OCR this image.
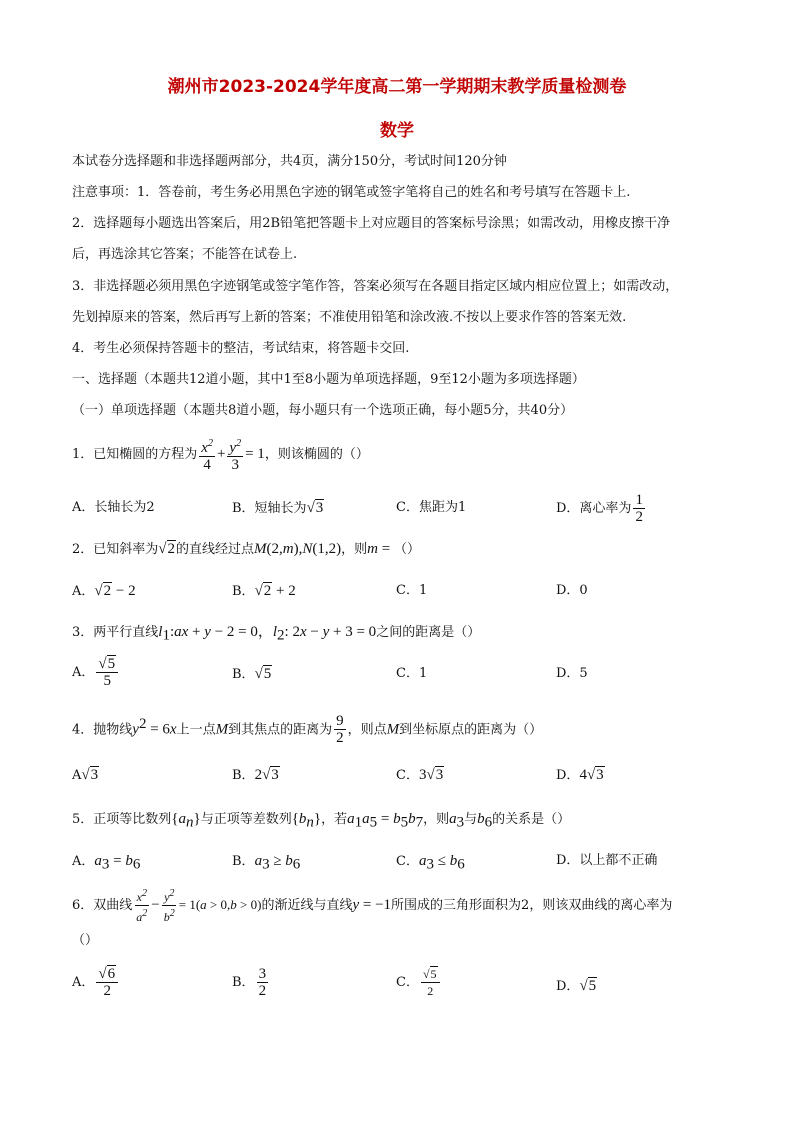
潮州市2023-2024学年度高二第一学期期末教学质量检测卷
数学
本试卷分选择题和非选择题两部分，共4页，满分150分，考试时间120分钟
注意事项：1．答卷前，考生务必用黑色字迹的钢笔或签字笔将自己的姓名和考号填写在答题卡上.
2．选择题每小题选出答案后，用2B铅笔把答题卡上对应题目的答案标号涂黑；如需改动，用橡皮擦干净
后，再选涂其它答案；不能答在试卷上.
3．非选择题必须用黑色字迹钢笔或签字笔作答，答案必须写在各题目指定区域内相应位置上；如需改动，
先划掉原来的答案，然后再写上新的答案；不准使用铅笔和涂改液.不按以上要求作答的答案无效.
4．考生必须保持答题卡的整洁，考试结束，将答题卡交回.
一、选择题（本题共12道小题，其中1至8小题为单项选择题，9至12小题为多项选择题）
（一）单项选择题（本题共8道小题，每小题只有一个选项正确，每小题5分，共40分）
1．已知椭圆的方程为 $\frac{x^2}{4} + \frac{y^2}{3} = 1$，则该椭圆的（）
A．长轴长为2	B．短轴长为√3	C．焦距为1	D．离心率为 $\frac{1}{2}$
2．已知斜率为√2的直线经过点M(2,m),N(1,2)，则m = （）
A．√2 − 2	B．√2 + 2	C．1	D．0
3．两平行直线$l_1:ax + y - 2 = 0$，$l_2$: 2x − y + 3 = 0之间的距离是（）
A． $\frac{√5}{5}$	B．√5	C．1	D．5
4．抛物线$y^2 = 6x$上一点M到其焦点的距离为 $\frac{9}{2}$ ，则点M到坐标原点的距离为（）
A√3	B．2√3	C．3√3	D．4√3
5．正项等比数列$\{a_n\}$与正项等差数列$\{b_n\}$，若$a_1a_5 = b_5b_7$，则$a_3$与$b_6$的关系是（）
A．$a_3 = b_6$	B．$a_3 \ge b_6$	C．$a_3 \le b_6$	D．以上都不正确
6．双曲线 $\frac{x^2}{a^2} - \frac{y^2}{b^2} = 1(a > 0,b > 0)$的渐近线与直线y = −1所围成的三角形面积为2，则该双曲线的离心率为
（）
A． $\frac{√6}{2}$	B． $\frac{3}{2}$	C． $\frac{√5}{2}$	D．√5
